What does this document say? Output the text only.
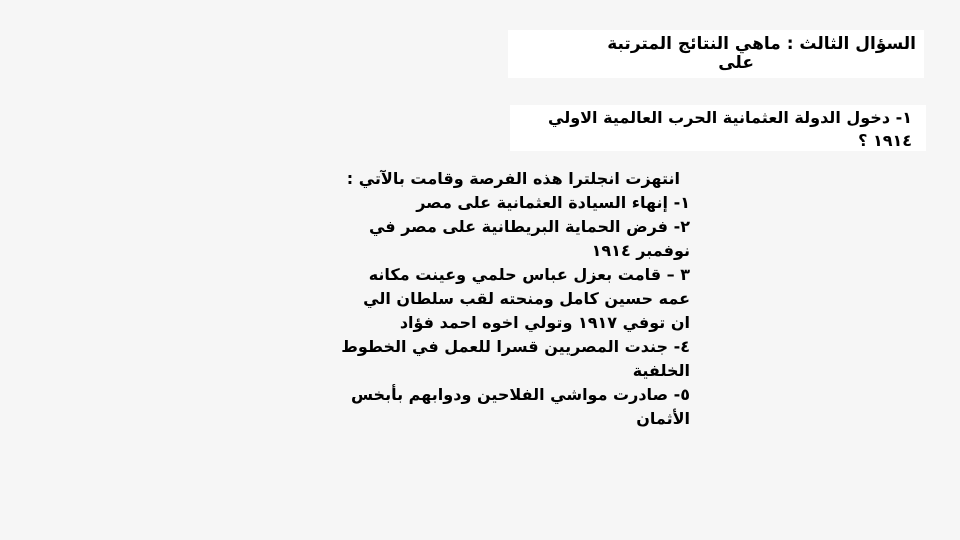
السؤال الثالث : ماهي النتائج المترتبة
على
١- دخول الدولة العثمانية الحرب العالمية الاولي
١٩١٤ ؟
انتهزت انجلترا هذه الفرصة وقامت بالآتي :
١- إنهاء السيادة العثمانية على مصر
٢- فرض الحماية البريطانية على مصر في
نوفمبر ١٩١٤
٣ – قامت بعزل عباس حلمي وعينت مكانه
عمه حسين كامل ومنحته لقب سلطان الي
ان توفي ١٩١٧ وتولي اخوه احمد فؤاد
٤- جندت المصريين قسرا للعمل في الخطوط
الخلفية
٥- صادرت مواشي الفلاحين ودوابهم بأبخس
الأثمان
